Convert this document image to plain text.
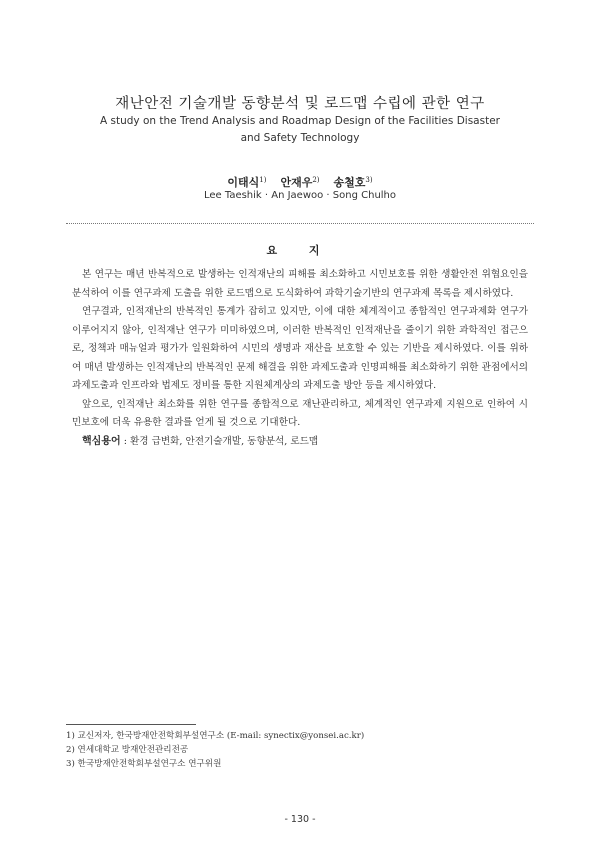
재난안전 기술개발 동향분석 및 로드맵 수립에 관한 연구
A study on the Trend Analysis and Roadmap Design of the Facilities Disaster
and Safety Technology
이태식$^{1)}$ 안재우$^{2)}$ 송철호$^{3)}$
Lee Taeshik · An Jaewoo · Song Chulho
요 지

본 연구는 매년 반복적으로 발생하는 인적재난의 피해를 최소화하고 시민보호를 위한 생활안전 위협요인을 분석하여 이를 연구과제 도출을 위한 로드맵으로 도식화하여 과학기술기반의 연구과제 목록을 제시하였다.

연구결과, 인적재난의 반복적인 통계가 잡히고 있지만, 이에 대한 체계적이고 종합적인 연구과제화 연구가 이루어지지 않아, 인적재난 연구가 미미하였으며, 이러한 반복적인 인적재난을 줄이기 위한 과학적인 접근으로, 정책과 매뉴얼과 평가가 일원화하여 시민의 생명과 재산을 보호할 수 있는 기반을 제시하였다. 이를 위하여 매년 발생하는 인적재난의 반복적인 문제 해결을 위한 과제도출과 인명피해를 최소화하기 위한 관점에서의 과제도출과 인프라와 법제도 정비를 통한 지원체계상의 과제도출 방안 등을 제시하였다.

앞으로, 인적재난 최소화를 위한 연구를 종합적으로 재난관리하고, 체계적인 연구과제 지원으로 인하여 시민보호에 더욱 유용한 결과를 얻게 될 것으로 기대한다.

핵심용어 : 환경 급변화, 안전기술개발, 동향분석, 로드맵
1) 교신저자, 한국방재안전학회부설연구소 (E-mail: synectix@yonsei.ac.kr)
2) 연세대학교 방재안전관리전공
3) 한국방재안전학회부설연구소 연구위원
- 130 -
